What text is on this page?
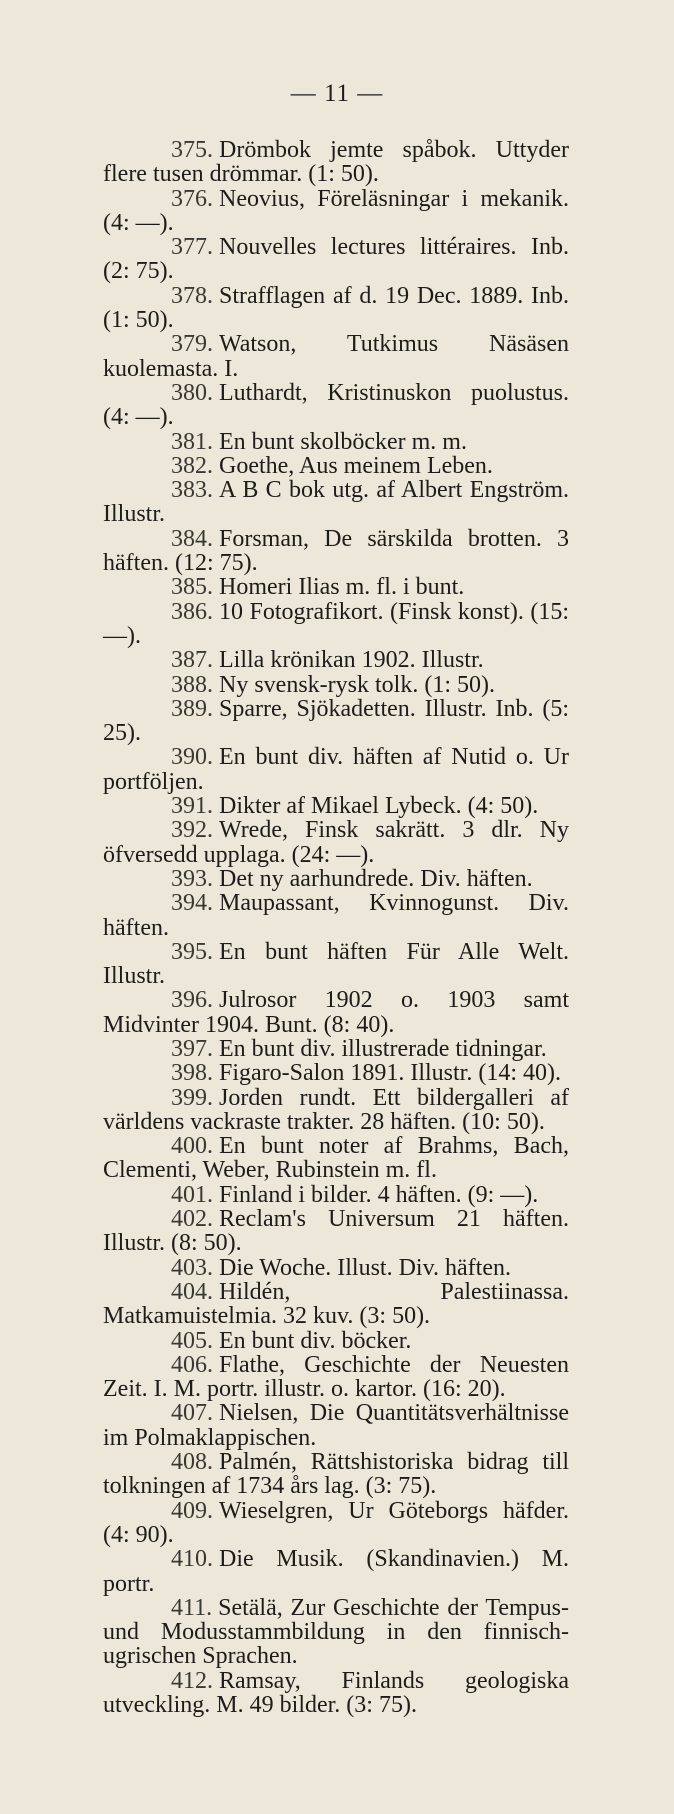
— 11 —

375. Drömbok jemte spåbok. Uttyder flere tusen drömmar. (1: 50).

376. Neovius, Föreläsningar i mekanik. (4: —).

377. Nouvelles lectures littéraires. Inb. (2: 75).

378. Strafflagen af d. 19 Dec. 1889. Inb. (1: 50).

379. Watson, Tutkimus Näsäsen kuolemasta. I.

380. Luthardt, Kristinuskon puolustus. (4: —).

381. En bunt skolböcker m. m.

382. Goethe, Aus meinem Leben.

383. A B C bok utg. af Albert Engström. Illustr.

384. Forsman, De särskilda brotten. 3 häften. (12: 75).

385. Homeri Ilias m. fl. i bunt.

386. 10 Fotografikort. (Finsk konst). (15: —).

387. Lilla krönikan 1902. Illustr.

388. Ny svensk-rysk tolk. (1: 50).

389. Sparre, Sjökadetten. Illustr. Inb. (5: 25).

390. En bunt div. häften af Nutid o. Ur portföljen.

391. Dikter af Mikael Lybeck. (4: 50).

392. Wrede, Finsk sakrätt. 3 dlr. Ny öfversedd upplaga. (24: —).

393. Det ny aarhundrede. Div. häften.

394. Maupassant, Kvinnogunst. Div. häften.

395. En bunt häften Für Alle Welt. Illustr.

396. Julrosor 1902 o. 1903 samt Midvinter 1904. Bunt. (8: 40).

397. En bunt div. illustrerade tidningar.

398. Figaro-Salon 1891. Illustr. (14: 40).

399. Jorden rundt. Ett bildergalleri af världens vackraste trakter. 28 häften. (10: 50).

400. En bunt noter af Brahms, Bach, Clementi, Weber, Rubinstein m. fl.

401. Finland i bilder. 4 häften. (9: —).

402. Reclam's Universum 21 häften. Illustr. (8: 50).

403. Die Woche. Illust. Div. häften.

404. Hildén, Palestiinassa. Matkamuistelmia. 32 kuv. (3: 50).

405. En bunt div. böcker.

406. Flathe, Geschichte der Neuesten Zeit. I. M. portr. illustr. o. kartor. (16: 20).

407. Nielsen, Die Quantitätsverhältnisse im Polmaklappischen.

408. Palmén, Rättshistoriska bidrag till tolkningen af 1734 års lag. (3: 75).

409. Wieselgren, Ur Göteborgs häfder. (4: 90).

410. Die Musik. (Skandinavien.) M. portr.

411. Setälä, Zur Geschichte der Tempus- und Modusstammbildung in den finnisch-ugrischen Sprachen.

412. Ramsay, Finlands geologiska utveckling. M. 49 bilder. (3: 75).
